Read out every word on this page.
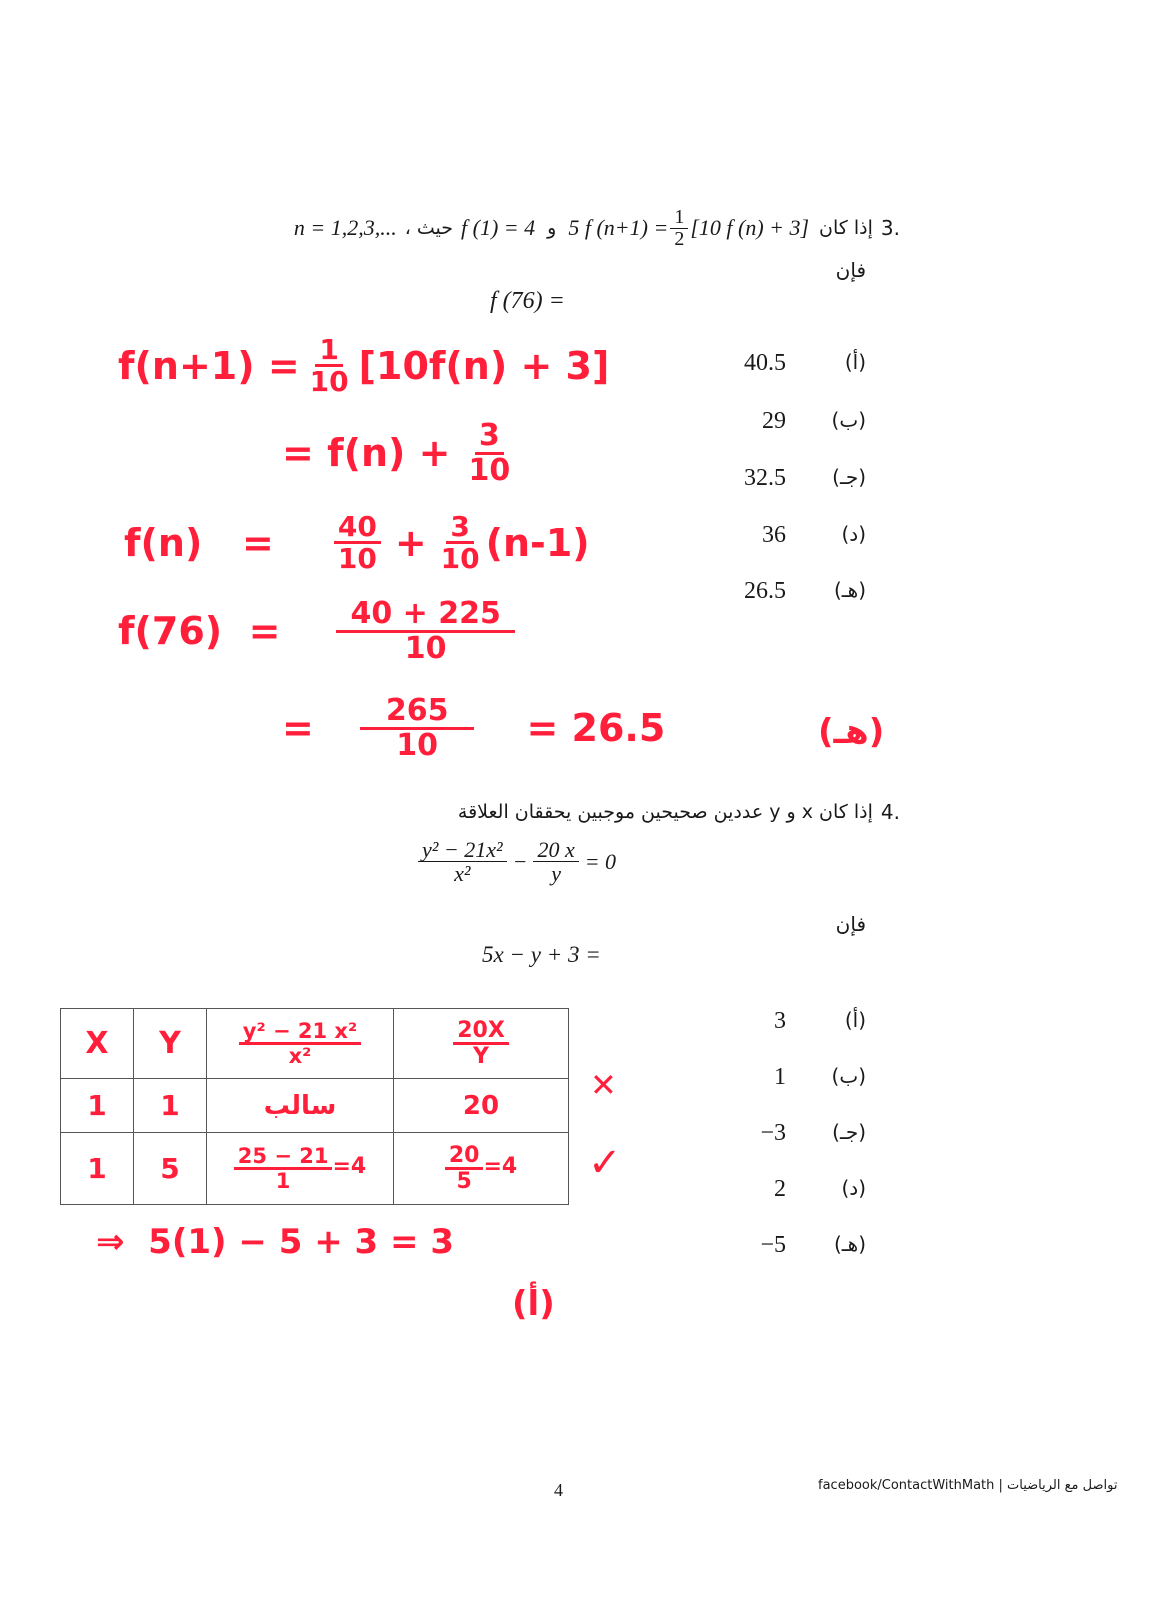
n = 1,2,3,... ، حيث f (1) = 4 و 5 f $(n+1) = \frac{1}{2} [10$ f (n) + 3] إذا كان 3.
فإن
f (76) =
40.5	(أ)
29	(ب)
32.5	(جـ)
36	(د)
26.5	(هـ)
$f(n+1) = \frac{1}{10} [10f(n) + 3]$
= $f(n) + \frac{3}{10}$
$f(n) = \frac{40}{10} + \frac{3}{10} (n-1)$
$f(76) = \frac{40 + 225}{10}$
= $\frac{265}{10} = 26.5$	(هـ)
إذا كان x و y عددين صحيحين موجبين يحققان العلاقة 4.
$\frac{\text{y² − 21x²}}{\text{x²}} - \frac{20 x}{y} = 0$
فإن
5x − y + 3 =
3	(أ)
1	(ب)
−3	(جـ)
2	(د)
−5	(هـ)
X	Y	$\frac{\text{y² − 21 x²}}{\text{x²}}$	$\frac{20X}{Y}$

1	1	سالب	20
1	5	$\frac{25 - 21}{1} =4$	$\frac{20}{5} =4$
✕
✓
⇒  5(1) − 5 + 3 = 3
(أ)
4	facebook/ContactWithMath | تواصل مع الرياضيات
